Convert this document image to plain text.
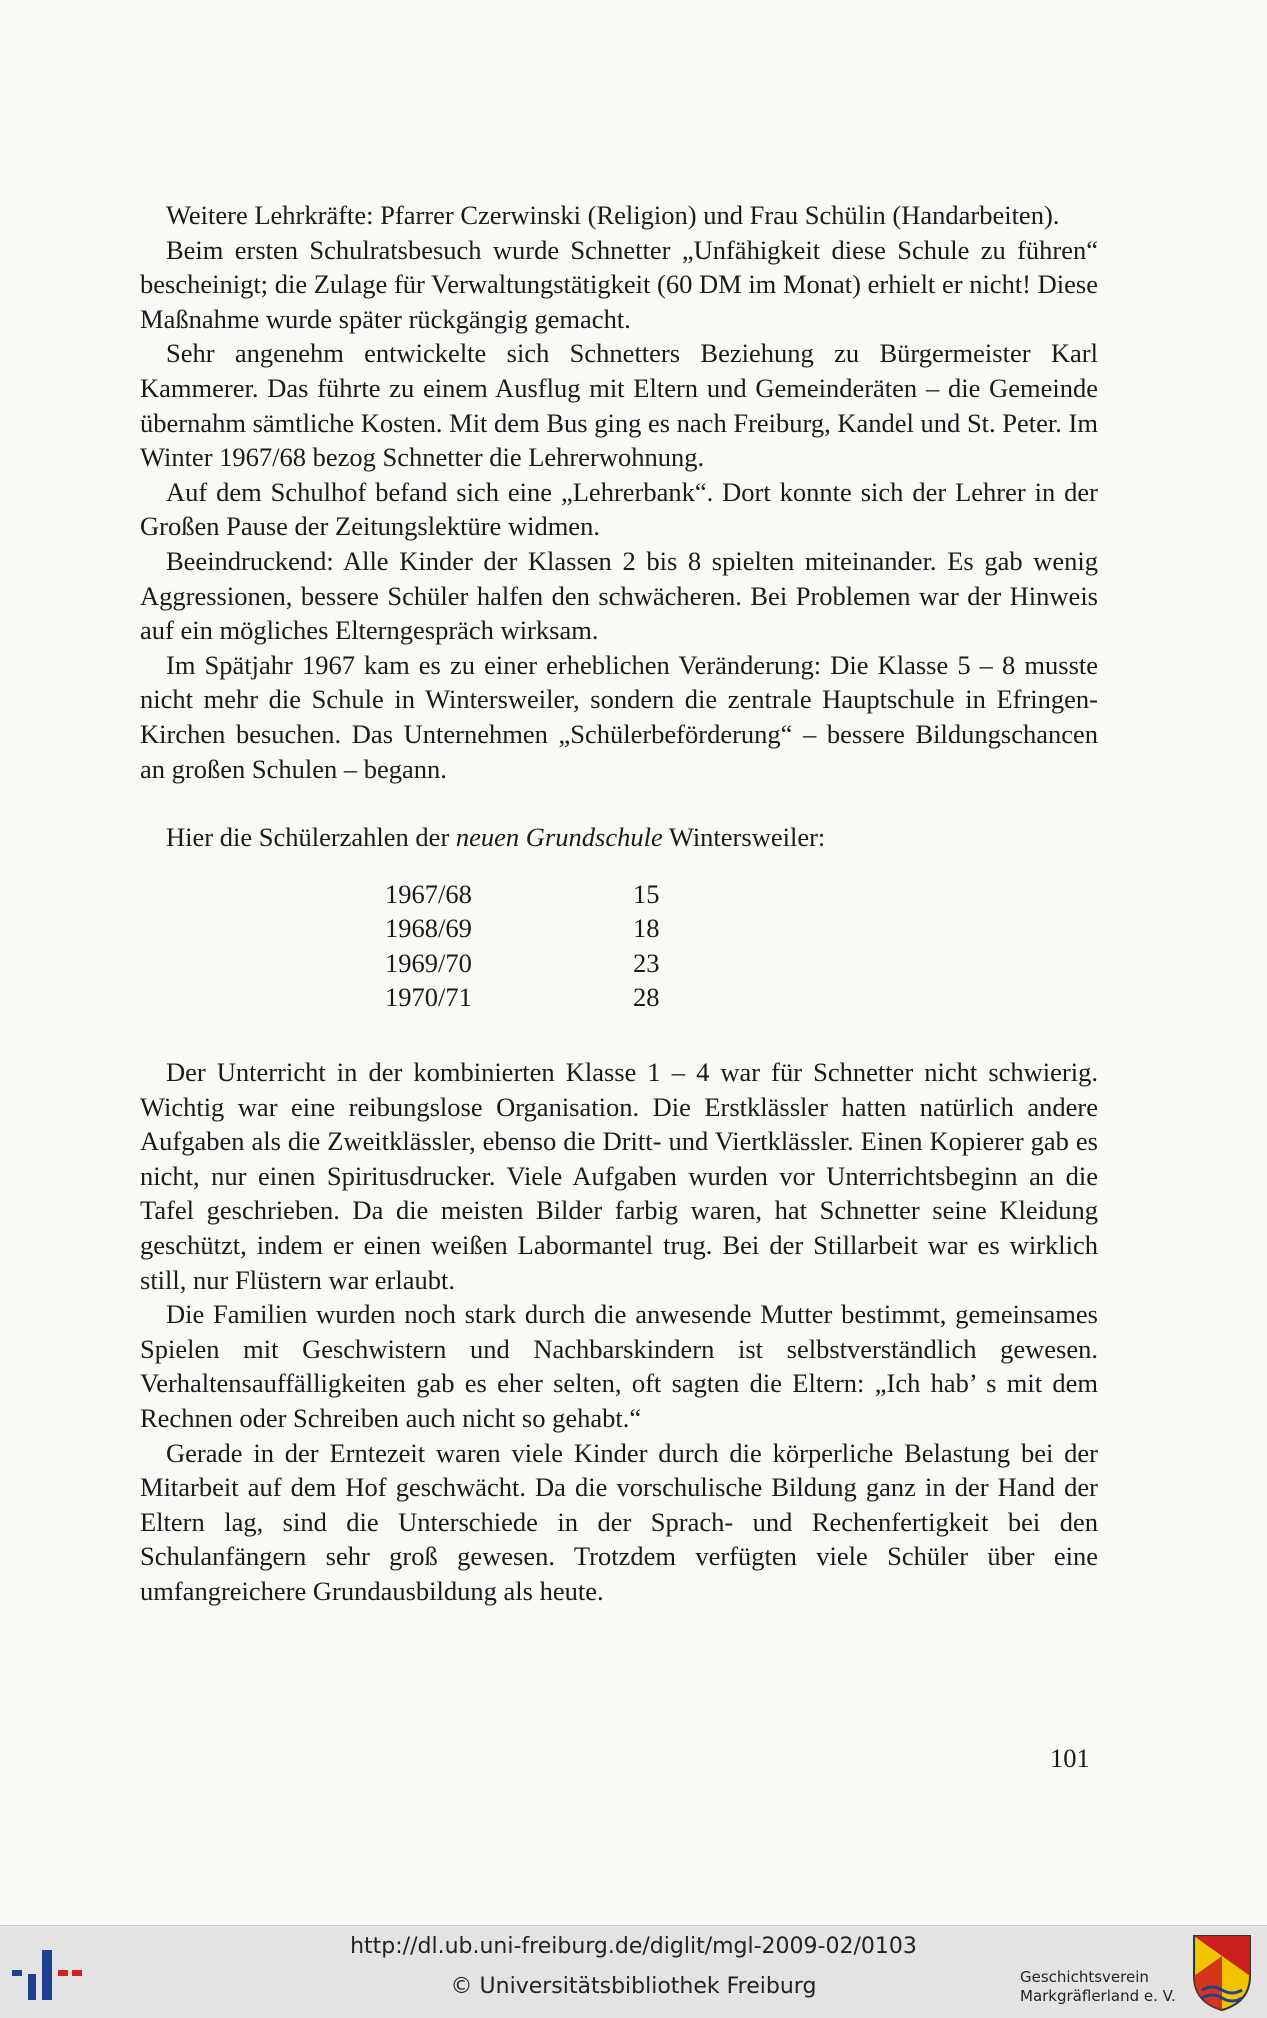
Weitere Lehrkräfte: Pfarrer Czerwinski (Religion) und Frau Schülin (Handarbeiten).

Beim ersten Schulratsbesuch wurde Schnetter „Unfähigkeit diese Schule zu führen“ bescheinigt; die Zulage für Verwaltungstätigkeit (60 DM im Monat) erhielt er nicht! Diese Maßnahme wurde später rückgängig gemacht.

Sehr angenehm entwickelte sich Schnetters Beziehung zu Bürgermeister Karl Kammerer. Das führte zu einem Ausflug mit Eltern und Gemeinderäten – die Gemeinde übernahm sämtliche Kosten. Mit dem Bus ging es nach Freiburg, Kandel und St. Peter. Im Winter 1967/68 bezog Schnetter die Lehrerwohnung.

Auf dem Schulhof befand sich eine „Lehrerbank“. Dort konnte sich der Lehrer in der Großen Pause der Zeitungslektüre widmen.

Beeindruckend: Alle Kinder der Klassen 2 bis 8 spielten miteinander. Es gab wenig Aggressionen, bessere Schüler halfen den schwächeren. Bei Problemen war der Hinweis auf ein mögliches Elterngespräch wirksam.

Im Spätjahr 1967 kam es zu einer erheblichen Veränderung: Die Klasse 5 – 8 musste nicht mehr die Schule in Wintersweiler, sondern die zentrale Hauptschule in Efringen-Kirchen besuchen. Das Unternehmen „Schülerbeförderung“ – bessere Bildungschancen an großen Schulen – begann.

Hier die Schülerzahlen der neuen Grundschule Wintersweiler:

1967/68	15
1968/69	18
1969/70	23
1970/71	28

Der Unterricht in der kombinierten Klasse 1 – 4 war für Schnetter nicht schwierig. Wichtig war eine reibungslose Organisation. Die Erstklässler hatten natürlich andere Aufgaben als die Zweitklässler, ebenso die Dritt- und Viertklässler. Einen Kopierer gab es nicht, nur einen Spiritusdrucker. Viele Aufgaben wurden vor Unterrichtsbeginn an die Tafel geschrieben. Da die meisten Bilder farbig waren, hat Schnetter seine Kleidung geschützt, indem er einen weißen Labormantel trug. Bei der Stillarbeit war es wirklich still, nur Flüstern war erlaubt.

Die Familien wurden noch stark durch die anwesende Mutter bestimmt, gemeinsames Spielen mit Geschwistern und Nachbarskindern ist selbstverständlich gewesen. Verhaltensauffälligkeiten gab es eher selten, oft sagten die Eltern: „Ich hab’ s mit dem Rechnen oder Schreiben auch nicht so gehabt.“

Gerade in der Erntezeit waren viele Kinder durch die körperliche Belastung bei der Mitarbeit auf dem Hof geschwächt. Da die vorschulische Bildung ganz in der Hand der Eltern lag, sind die Unterschiede in der Sprach- und Rechenfertigkeit bei den Schulanfängern sehr groß gewesen. Trotzdem verfügten viele Schüler über eine umfangreichere Grundausbildung als heute.

101
http://dl.ub.uni-freiburg.de/diglit/mgl-2009-02/0103
© Universitätsbibliothek Freiburg	Geschichtsverein
Markgräflerland e. V.
